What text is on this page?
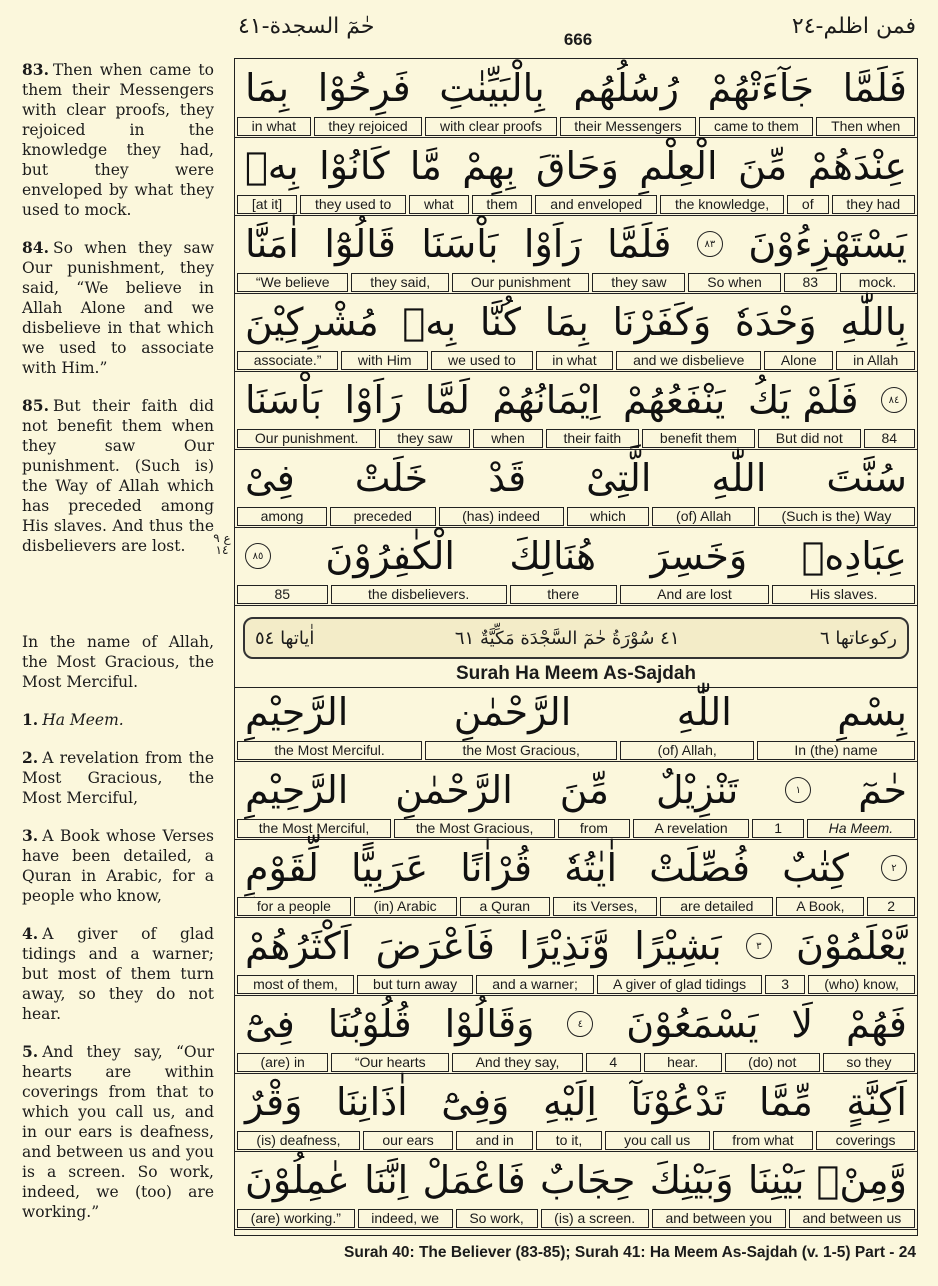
فمن اظلم-٢٤
666
حٰمٓ السجدة-٤١

83. Then when came to them their Messengers with clear proofs, they rejoiced in the knowledge they had, but they were enveloped by what they used to mock.

84. So when they saw Our punishment, they said, “We believe in Allah Alone and we disbelieve in that which we used to associate with Him.”

85. But their faith did not benefit them when they saw Our punishment. (Such is) the Way of Allah which has preceded among His slaves. And thus the disbelievers are lost.

In the name of Allah, the Most Gracious, the Most Merciful.

1. Ha Meem.

2. A revelation from the Most Gracious, the Most Merciful,

3. A Book whose Verses have been detailed, a Quran in Arabic, for a people who know,

4. A giver of glad tidings and a warner; but most of them turn away, so they do not hear.

5. And they say, “Our hearts are within coverings from that to which you call us, and in our ears is deafness, and between us and you is a screen. So work, indeed, we (too) are working.”

ع ٩ ١٤
ركوعاتها ٦
٤١ سُوْرَةُ حٰمٓ السَّجْدَة مَكِّيَّةٌ ٦١
اٰياتها ٥٤
Surah Ha Meem As-Sajdah
فَلَمَّا
جَآءَتْهُمْ
رُسُلُهُم
بِالْبَيِّنٰتِ
فَرِحُوْا
بِمَا
Then when
came to them
their Messengers
with clear proofs
they rejoiced
in what
عِنْدَهُمْ
مِّنَ
الْعِلْمِ
وَحَاقَ
بِهِمْ
مَّا
كَانُوْا
بِهٖ
they had
of
the knowledge,
and enveloped
them
what
they used to
[at it]
يَسْتَهْزِءُوْنَ
٨٣
فَلَمَّا
رَاَوْا
بَاْسَنَا
قَالُوْٓا
اٰمَنَّا
mock.
83
So when
they saw
Our punishment
they said,
“We believe
بِاللّٰهِ
وَحْدَهٗ
وَكَفَرْنَا
بِمَا
كُنَّا
بِهٖ
مُشْرِكِيْنَ
in Allah
Alone
and we disbelieve
in what
we used to
with Him
associate.”
٨٤
فَلَمْ يَكُ
يَنْفَعُهُمْ
اِيْمَانُهُمْ
لَمَّا
رَاَوْا
بَاْسَنَا
84
But did not
benefit them
their faith
when
they saw
Our punishment.
سُنَّتَ
اللّٰهِ
الَّتِىْ
قَدْ
خَلَتْ
فِىْ
(Such is the) Way
(of) Allah
which
(has) indeed
preceded
among
عِبَادِهٖ
وَخَسِرَ
هُنَالِكَ
الْكٰفِرُوْنَ
٨٥
His slaves.
And are lost
there
the disbelievers.
85
بِسْمِ
اللّٰهِ
الرَّحْمٰنِ
الرَّحِيْمِ
In (the) name
(of) Allah,
the Most Gracious,
the Most Merciful.
حٰمٓ
١
تَنْزِيْلٌ
مِّنَ
الرَّحْمٰنِ
الرَّحِيْمِ
Ha Meem.
1
A revelation
from
the Most Gracious,
the Most Merciful,
٢
كِتٰبٌ
فُصِّلَتْ
اٰيٰتُهٗ
قُرْاٰنًا
عَرَبِيًّا
لِّقَوْمٍ
2
A Book,
are detailed
its Verses,
a Quran
(in) Arabic
for a people
يَّعْلَمُوْنَ
٣
بَشِيْرًا
وَّنَذِيْرًا
فَاَعْرَضَ
اَكْثَرُهُمْ
(who) know,
3
A giver of glad tidings
and a warner;
but turn away
most of them,
فَهُمْ
لَا
يَسْمَعُوْنَ
٤
وَقَالُوْا
قُلُوْبُنَا
فِىْٓ
so they
(do) not
hear.
4
And they say,
“Our hearts
(are) in
اَكِنَّةٍ
مِّمَّا
تَدْعُوْنَآ
اِلَيْهِ
وَفِىْٓ
اٰذَانِنَا
وَقْرٌ
coverings
from what
you call us
to it,
and in
our ears
(is) deafness,
وَّمِنْۢ بَيْنِنَا
وَبَيْنِكَ
حِجَابٌ
فَاعْمَلْ
اِنَّنَا
عٰمِلُوْنَ
and between us
and between you
(is) a screen.
So work,
indeed, we
(are) working.”
Surah 40: The Believer (83-85); Surah 41: Ha Meem As-Sajdah (v. 1-5) Part - 24
